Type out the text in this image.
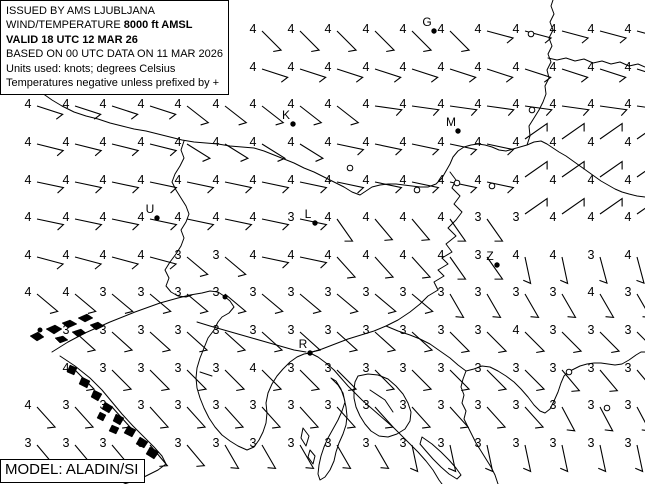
4 4 4 4 4 4 4 4 4 4 4
4 4 4 4 4 4 4 4 4 4 4
4 4 4 4 4 4 4 4 4 4 4 4 4 4 4 4 4
4 4 4 4 4 4 4 4 4 4 4 4 4 4 4 4 4
4 4 4 4 4 4 4 4 4 4 4 4 4 4 4 4 4
4 4 4 4 4 4 4 3 4 4 4 4 3 3 4 4 4
4 4 4 4 3 3 4 4 4 4 4 4 3 4 4 3 4
4 4 3 3 3 3 3 3 3 3 3 3 3 3 3 4 3
3 3 3 3 3 3 3 3 3 3 3 3 4 3 3 3
4 3 3 3 3 4 3 3 3 3 3 3 3 3 3 3
4 3 3 3 3 3 3 3 3 3 3 3 3 3 3 3 3
3 3 3 3 3 3 3 3 3 3 3 3 3 3 3 3 3
G
K	M
U	L
Z
R
ISSUED BY AMS LJUBLJANA
WIND/TEMPERATURE 8000 ft AMSL
VALID 18 UTC 12 MAR 26
BASED ON 00 UTC DATA ON 11 MAR 2026
Units used: knots; degrees Celsius
Temperatures negative unless prefixed by +
MODEL: ALADIN/SI
